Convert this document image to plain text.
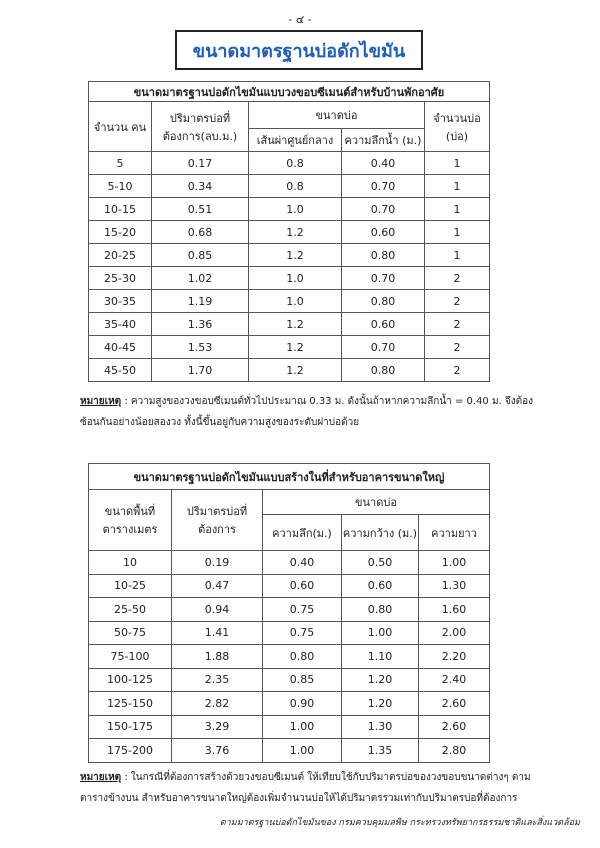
- ๔ -
ขนาดมาตรฐานบ่อดักไขมัน
ขนาดมาตรฐานบ่อดักไขมันแบบวงขอบซีเมนต์สำหรับบ้านพักอาศัย				
จำนวน คน	ปริมาตรบ่อที่ ต้องการ(ลบ.ม.)	ขนาดบ่อ		จำนวนบ่อ (บ่อ)
		เส้นผ่าศูนย์กลาง	ความลึกน้ำ (ม.)	
5	0.17	0.8	0.40	1
5-10	0.34	0.8	0.70	1
10-15	0.51	1.0	0.70	1
15-20	0.68	1.2	0.60	1
20-25	0.85	1.2	0.80	1
25-30	1.02	1.0	0.70	2
30-35	1.19	1.0	0.80	2
35-40	1.36	1.2	0.60	2
40-45	1.53	1.2	0.70	2
45-50	1.70	1.2	0.80	2
หมายเหตุ : ความสูงของวงขอบซีเมนต์ทั่วไปประมาณ 0.33 ม. ดังนั้นถ้าหากความลึกน้ำ = 0.40 ม. จึงต้องซ้อนกันอย่างน้อยสองวง ทั้งนี้ขึ้นอยู่กับความสูงของระดับฝาบ่อด้วย
ขนาดมาตรฐานบ่อดักไขมันแบบสร้างในที่สำหรับอาคารขนาดใหญ่				
ขนาดพื้นที่ ตารางเมตร	ปริมาตรบ่อที่ ต้องการ	ขนาดบ่อ		
		ความลึก(ม.)	ความกว้าง (ม.)	ความยาว
10	0.19	0.40	0.50	1.00
10-25	0.47	0.60	0.60	1.30
25-50	0.94	0.75	0.80	1.60
50-75	1.41	0.75	1.00	2.00
75-100	1.88	0.80	1.10	2.20
100-125	2.35	0.85	1.20	2.40
125-150	2.82	0.90	1.20	2.60
150-175	3.29	1.00	1.30	2.60
175-200	3.76	1.00	1.35	2.80
หมายเหตุ : ในกรณีที่ต้องการสร้างด้วยวงขอบซีเมนต์ ให้เทียบใช้กับปริมาตรบ่อของวงขอบขนาดต่างๆ ตามตารางข้างบน สำหรับอาคารขนาดใหญ่ต้องเพิ่มจำนวนบ่อให้ได้ปริมาตรรวมเท่ากับปริมาตรบ่อที่ต้องการ
ตามมาตรฐานบ่อดักไขมันของ กรมควบคุมมลพิษ กระทรวงทรัพยากรธรรมชาติและสิ่งแวดล้อม
